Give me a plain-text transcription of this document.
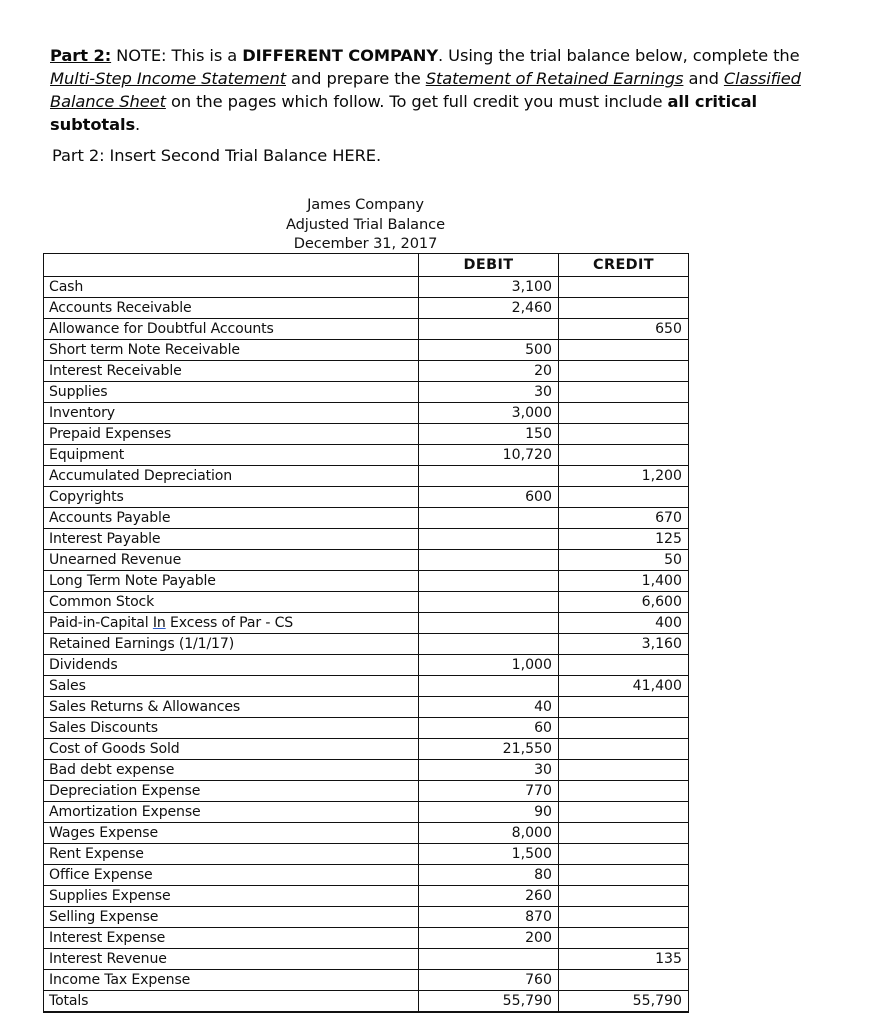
Part 2: NOTE: This is a DIFFERENT COMPANY. Using the trial balance below, complete the Multi-Step Income Statement and prepare the Statement of Retained Earnings and Classified Balance Sheet on the pages which follow. To get full credit you must include all critical subtotals.

Part 2: Insert Second Trial Balance HERE.
James Company
Adjusted Trial Balance
December 31, 2017
	DEBIT	CREDIT
Cash	3,100	
Accounts Receivable	2,460	
Allowance for Doubtful Accounts		650
Short term Note Receivable	500	
Interest Receivable	20	
Supplies	30	
Inventory	3,000	
Prepaid Expenses	150	
Equipment	10,720	
Accumulated Depreciation		1,200
Copyrights	600	
Accounts Payable		670
Interest Payable		125
Unearned Revenue		50
Long Term Note Payable		1,400
Common Stock		6,600
Paid-in-Capital In Excess of Par - CS		400
Retained Earnings (1/1/17)		3,160
Dividends	1,000	
Sales		41,400
Sales Returns & Allowances	40	
Sales Discounts	60	
Cost of Goods Sold	21,550	
Bad debt expense	30	
Depreciation Expense	770	
Amortization Expense	90	
Wages Expense	8,000	
Rent Expense	1,500	
Office Expense	80	
Supplies Expense	260	
Selling Expense	870	
Interest Expense	200	
Interest Revenue		135
Income Tax Expense	760	
Totals	55,790	55,790
